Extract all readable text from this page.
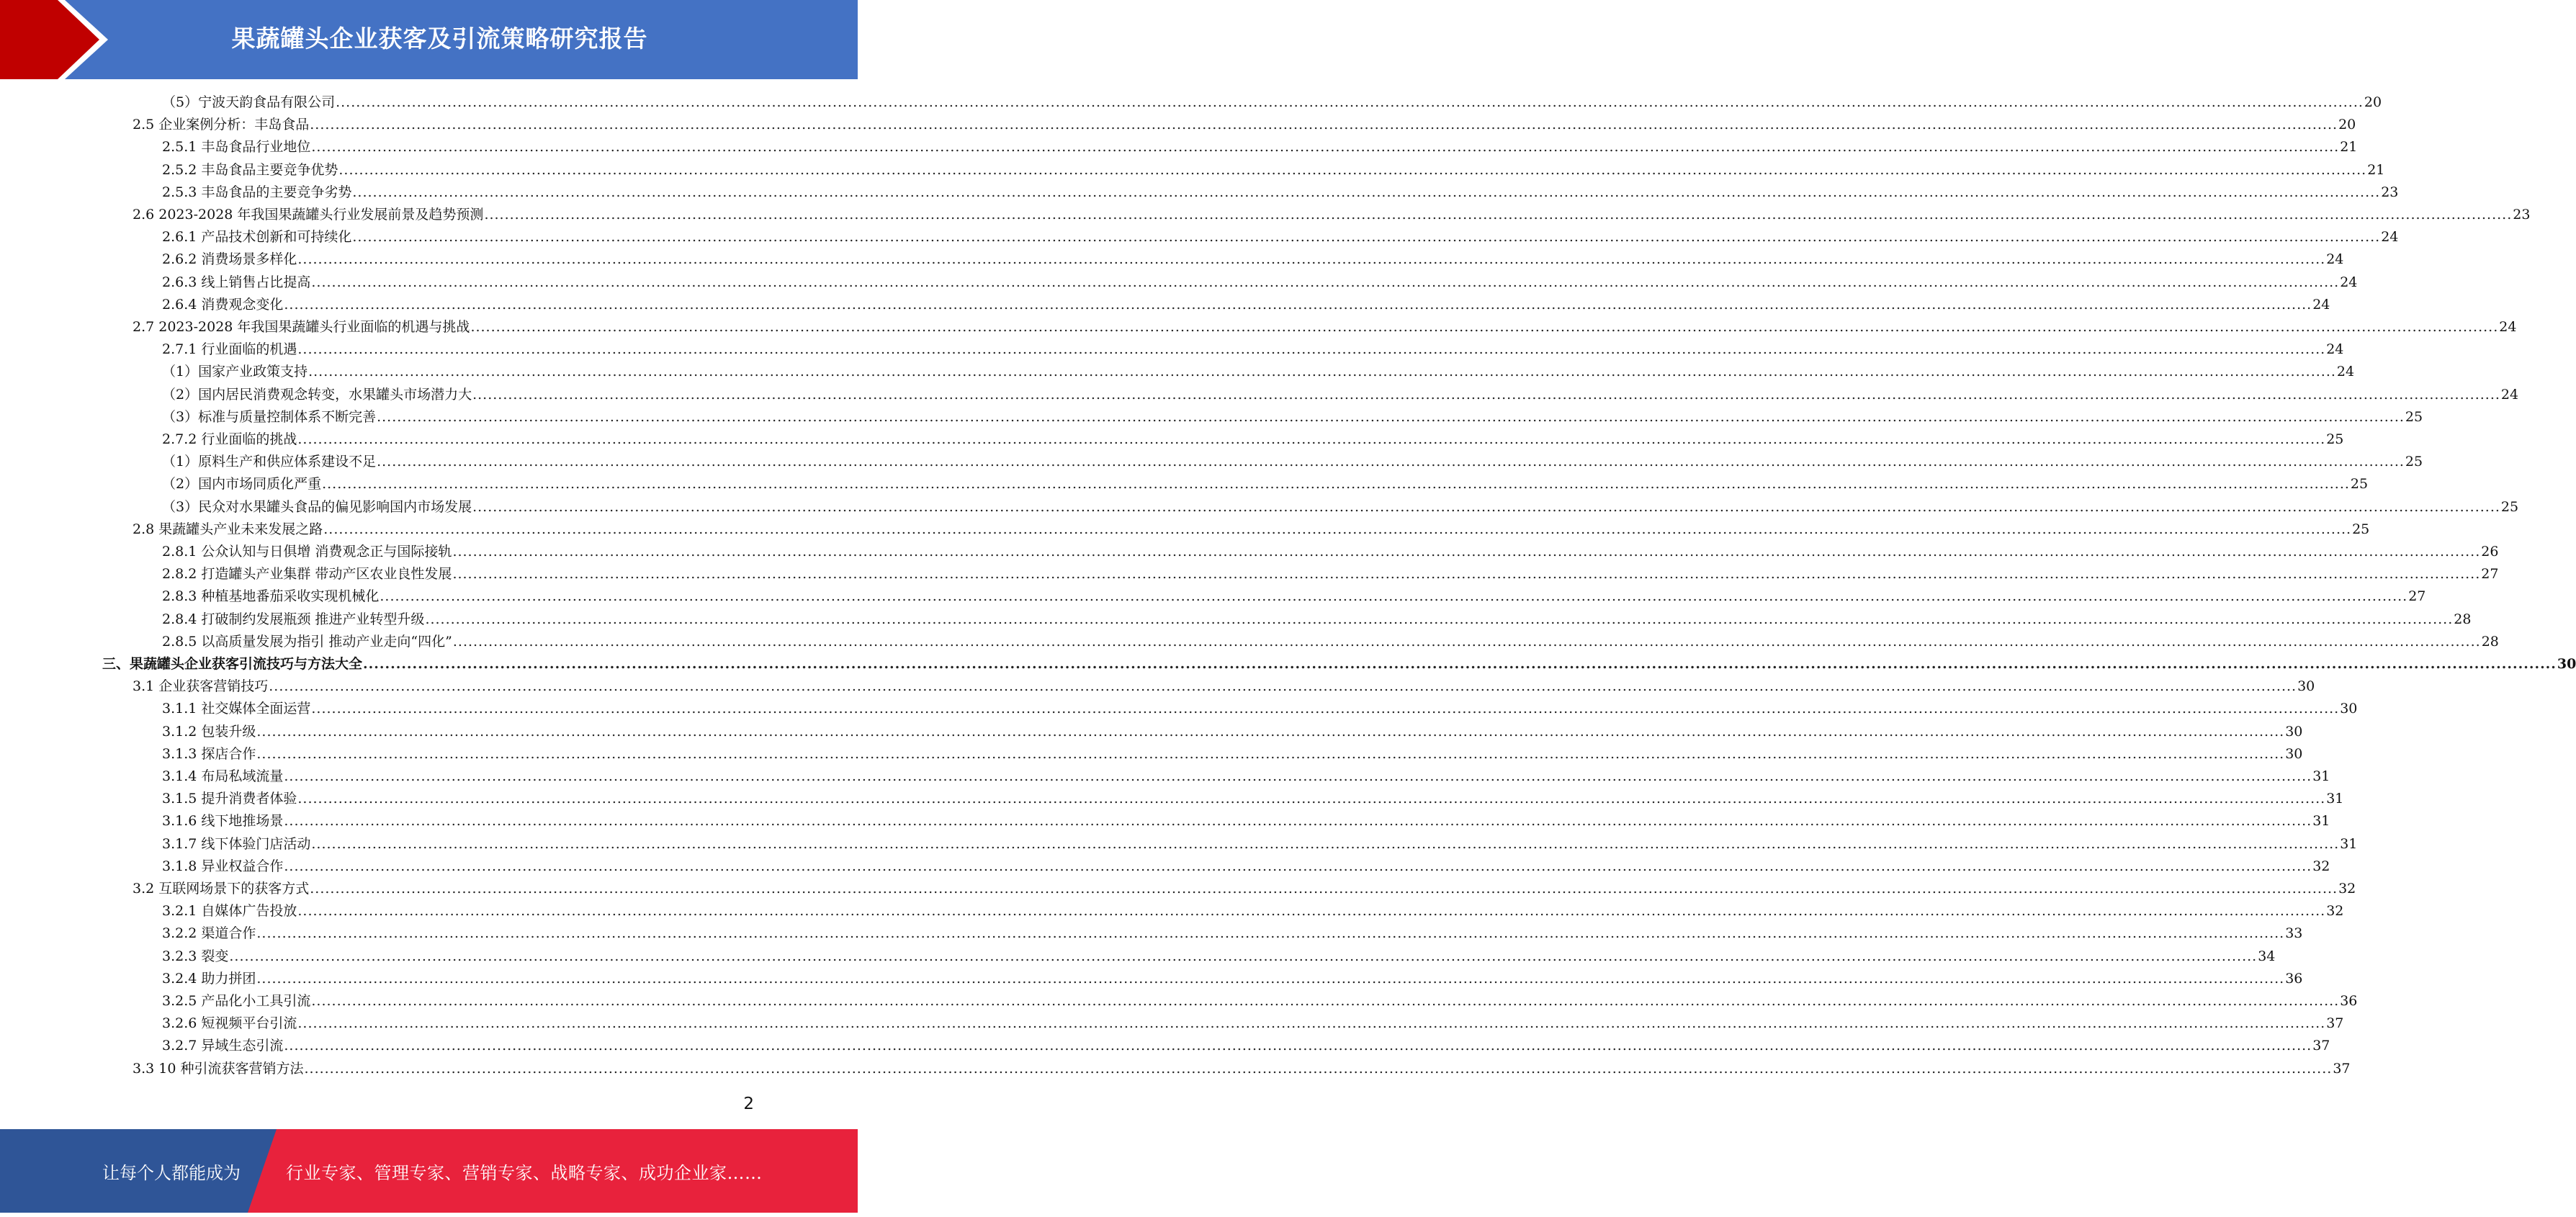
果蔬罐头企业获客及引流策略研究报告
（5）宁波天韵食品有限公司 ................................................................................................................................................................................................................................................................................................................................................................................................................ 20
2.5 企业案例分析：丰岛食品 ................................................................................................................................................................................................................................................................................................................................................................................................................ 20
2.5.1 丰岛食品行业地位 ................................................................................................................................................................................................................................................................................................................................................................................................................ 21
2.5.2 丰岛食品主要竞争优势 ................................................................................................................................................................................................................................................................................................................................................................................................................ 21
2.5.3 丰岛食品的主要竞争劣势 ................................................................................................................................................................................................................................................................................................................................................................................................................ 23
2.6 2023-2028 年我国果蔬罐头行业发展前景及趋势预测 ................................................................................................................................................................................................................................................................................................................................................................................................................ 23
2.6.1 产品技术创新和可持续化 ................................................................................................................................................................................................................................................................................................................................................................................................................ 24
2.6.2 消费场景多样化 ................................................................................................................................................................................................................................................................................................................................................................................................................ 24
2.6.3 线上销售占比提高 ................................................................................................................................................................................................................................................................................................................................................................................................................ 24
2.6.4 消费观念变化 ................................................................................................................................................................................................................................................................................................................................................................................................................ 24
2.7 2023-2028 年我国果蔬罐头行业面临的机遇与挑战 ................................................................................................................................................................................................................................................................................................................................................................................................................ 24
2.7.1 行业面临的机遇 ................................................................................................................................................................................................................................................................................................................................................................................................................ 24
（1）国家产业政策支持 ................................................................................................................................................................................................................................................................................................................................................................................................................ 24
（2）国内居民消费观念转变，水果罐头市场潜力大 ................................................................................................................................................................................................................................................................................................................................................................................................................ 24
（3）标准与质量控制体系不断完善 ................................................................................................................................................................................................................................................................................................................................................................................................................ 25
2.7.2 行业面临的挑战 ................................................................................................................................................................................................................................................................................................................................................................................................................ 25
（1）原料生产和供应体系建设不足 ................................................................................................................................................................................................................................................................................................................................................................................................................ 25
（2）国内市场同质化严重 ................................................................................................................................................................................................................................................................................................................................................................................................................ 25
（3）民众对水果罐头食品的偏见影响国内市场发展 ................................................................................................................................................................................................................................................................................................................................................................................................................ 25
2.8 果蔬罐头产业未来发展之路 ................................................................................................................................................................................................................................................................................................................................................................................................................ 25
2.8.1 公众认知与日俱增 消费观念正与国际接轨 ................................................................................................................................................................................................................................................................................................................................................................................................................ 26
2.8.2 打造罐头产业集群 带动产区农业良性发展 ................................................................................................................................................................................................................................................................................................................................................................................................................ 27
2.8.3 种植基地番茄采收实现机械化 ................................................................................................................................................................................................................................................................................................................................................................................................................ 27
2.8.4 打破制约发展瓶颈 推进产业转型升级 ................................................................................................................................................................................................................................................................................................................................................................................................................ 28
2.8.5 以高质量发展为指引 推动产业走向“四化” ................................................................................................................................................................................................................................................................................................................................................................................................................ 28
三、果蔬罐头企业获客引流技巧与方法大全 ................................................................................................................................................................................................................................................................................................................................................................................................................ 30
3.1 企业获客营销技巧 ................................................................................................................................................................................................................................................................................................................................................................................................................ 30
3.1.1 社交媒体全面运营 ................................................................................................................................................................................................................................................................................................................................................................................................................ 30
3.1.2 包装升级 ................................................................................................................................................................................................................................................................................................................................................................................................................ 30
3.1.3 探店合作 ................................................................................................................................................................................................................................................................................................................................................................................................................ 30
3.1.4 布局私域流量 ................................................................................................................................................................................................................................................................................................................................................................................................................ 31
3.1.5 提升消费者体验 ................................................................................................................................................................................................................................................................................................................................................................................................................ 31
3.1.6 线下地推场景 ................................................................................................................................................................................................................................................................................................................................................................................................................ 31
3.1.7 线下体验门店活动 ................................................................................................................................................................................................................................................................................................................................................................................................................ 31
3.1.8 异业权益合作 ................................................................................................................................................................................................................................................................................................................................................................................................................ 32
3.2 互联网场景下的获客方式 ................................................................................................................................................................................................................................................................................................................................................................................................................ 32
3.2.1 自媒体广告投放 ................................................................................................................................................................................................................................................................................................................................................................................................................ 32
3.2.2 渠道合作 ................................................................................................................................................................................................................................................................................................................................................................................................................ 33
3.2.3 裂变 ................................................................................................................................................................................................................................................................................................................................................................................................................ 34
3.2.4 助力拼团 ................................................................................................................................................................................................................................................................................................................................................................................................................ 36
3.2.5 产品化小工具引流 ................................................................................................................................................................................................................................................................................................................................................................................................................ 36
3.2.6 短视频平台引流 ................................................................................................................................................................................................................................................................................................................................................................................................................ 37
3.2.7 异域生态引流 ................................................................................................................................................................................................................................................................................................................................................................................................................ 37
3.3 10 种引流获客营销方法 ................................................................................................................................................................................................................................................................................................................................................................................................................ 37
2
让每个人都能成为	行业专家、管理专家、营销专家、战略专家、成功企业家……
